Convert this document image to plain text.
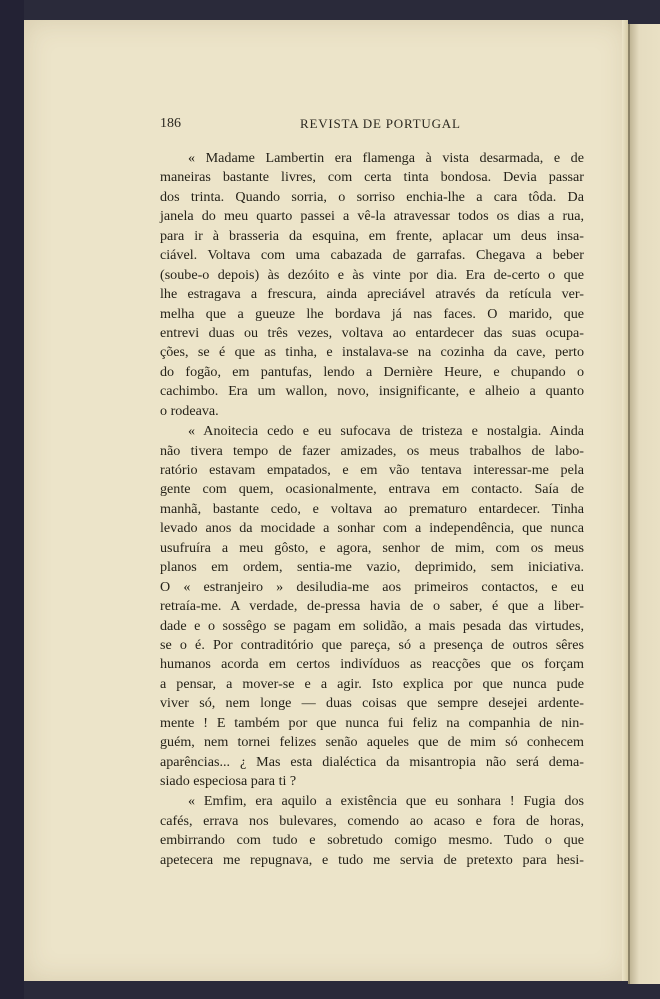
186	REVISTA DE PORTUGAL
« Madame Lambertin era flamenga à vista desarmada, e de
maneiras bastante livres, com certa tinta bondosa. Devia passar
dos trinta. Quando sorria, o sorriso enchia-lhe a cara tôda. Da
janela do meu quarto passei a vê-la atravessar todos os dias a rua,
para ir à brasseria da esquina, em frente, aplacar um deus insa-
ciável. Voltava com uma cabazada de garrafas. Chegava a beber
(soube-o depois) às dezóito e às vinte por dia. Era de-certo o que
lhe estragava a frescura, ainda apreciável através da retícula ver-
melha que a gueuze lhe bordava já nas faces. O marido, que
entrevi duas ou três vezes, voltava ao entardecer das suas ocupa-
ções, se é que as tinha, e instalava-se na cozinha da cave, perto
do fogão, em pantufas, lendo a Dernière Heure, e chupando o
cachimbo. Era um wallon, novo, insignificante, e alheio a quanto
o rodeava.
« Anoitecia cedo e eu sufocava de tristeza e nostalgia. Ainda
não tivera tempo de fazer amizades, os meus trabalhos de labo-
ratório estavam empatados, e em vão tentava interessar-me pela
gente com quem, ocasionalmente, entrava em contacto. Saía de
manhã, bastante cedo, e voltava ao prematuro entardecer. Tinha
levado anos da mocidade a sonhar com a independência, que nunca
usufruíra a meu gôsto, e agora, senhor de mim, com os meus
planos em ordem, sentia-me vazio, deprimido, sem iniciativa.
O « estranjeiro » desiludia-me aos primeiros contactos, e eu
retraía-me. A verdade, de-pressa havia de o saber, é que a liber-
dade e o sossêgo se pagam em solidão, a mais pesada das virtudes,
se o é. Por contraditório que pareça, só a presença de outros sêres
humanos acorda em certos indivíduos as reacções que os forçam
a pensar, a mover-se e a agir. Isto explica por que nunca pude
viver só, nem longe — duas coisas que sempre desejei ardente-
mente ! E também por que nunca fui feliz na companhia de nin-
guém, nem tornei felizes senão aqueles que de mim só conhecem
aparências... ¿ Mas esta dialéctica da misantropia não será dema-
siado especiosa para ti ?
« Emfim, era aquilo a existência que eu sonhara ! Fugia dos
cafés, errava nos bulevares, comendo ao acaso e fora de horas,
embirrando com tudo e sobretudo comigo mesmo. Tudo o que
apetecera me repugnava, e tudo me servia de pretexto para hesi-
